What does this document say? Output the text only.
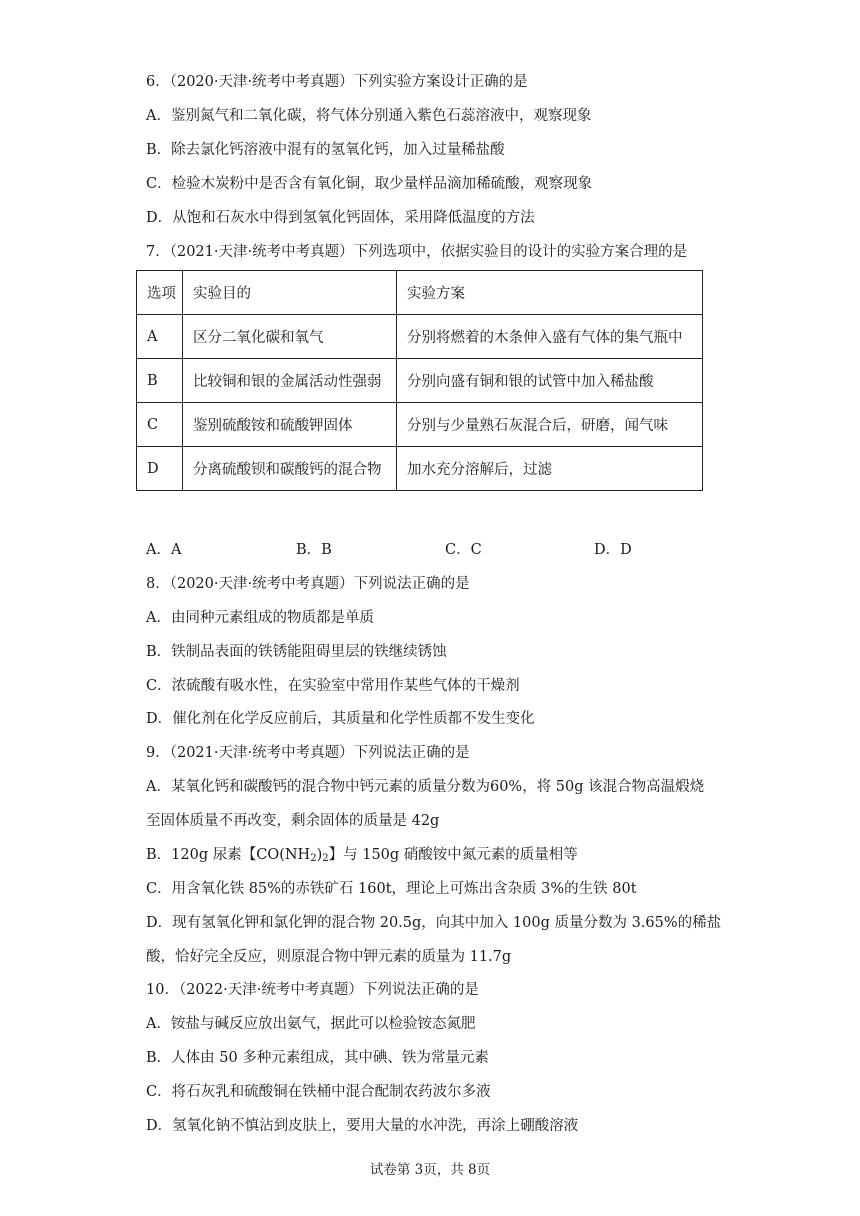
6．（2020·天津·统考中考真题）下列实验方案设计正确的是
A．鉴别氮气和二氧化碳，将气体分别通入紫色石蕊溶液中，观察现象
B．除去氯化钙溶液中混有的氢氧化钙，加入过量稀盐酸
C．检验木炭粉中是否含有氧化铜，取少量样品滴加稀硫酸，观察现象
D．从饱和石灰水中得到氢氧化钙固体，采用降低温度的方法
7．（2021·天津·统考中考真题）下列选项中，依据实验目的设计的实验方案合理的是
选项	实验目的	实验方案
A	区分二氧化碳和氧气	分别将燃着的木条伸入盛有气体的集气瓶中
B	比较铜和银的金属活动性强弱	分别向盛有铜和银的试管中加入稀盐酸
C	鉴别硫酸铵和硫酸钾固体	分别与少量熟石灰混合后，研磨，闻气味
D	分离硫酸钡和碳酸钙的混合物	加水充分溶解后，过滤
A．A	B．B	C．C	D．D
8．（2020·天津·统考中考真题）下列说法正确的是
A．由同种元素组成的物质都是单质
B．铁制品表面的铁锈能阻碍里层的铁继续锈蚀
C．浓硫酸有吸水性，在实验室中常用作某些气体的干燥剂
D．催化剂在化学反应前后，其质量和化学性质都不发生变化
9．（2021·天津·统考中考真题）下列说法正确的是
A．某氧化钙和碳酸钙的混合物中钙元素的质量分数为60%，将 50g 该混合物高温煅烧
至固体质量不再改变，剩余固体的质量是 42g
B．120g 尿素【$CO(NH_2)_2$】与 150g 硝酸铵中氮元素的质量相等
C．用含氧化铁 85%的赤铁矿石 160t，理论上可炼出含杂质 3%的生铁 80t
D．现有氢氧化钾和氯化钾的混合物 20.5g，向其中加入 100g 质量分数为 3.65%的稀盐
酸，恰好完全反应，则原混合物中钾元素的质量为 11.7g
10．（2022·天津·统考中考真题）下列说法正确的是
A．铵盐与碱反应放出氨气，据此可以检验铵态氮肥
B．人体由 50 多种元素组成，其中碘、铁为常量元素
C．将石灰乳和硫酸铜在铁桶中混合配制农药波尔多液
D．氢氧化钠不慎沾到皮肤上，要用大量的水冲洗，再涂上硼酸溶液
试卷第 3页，共 8页
